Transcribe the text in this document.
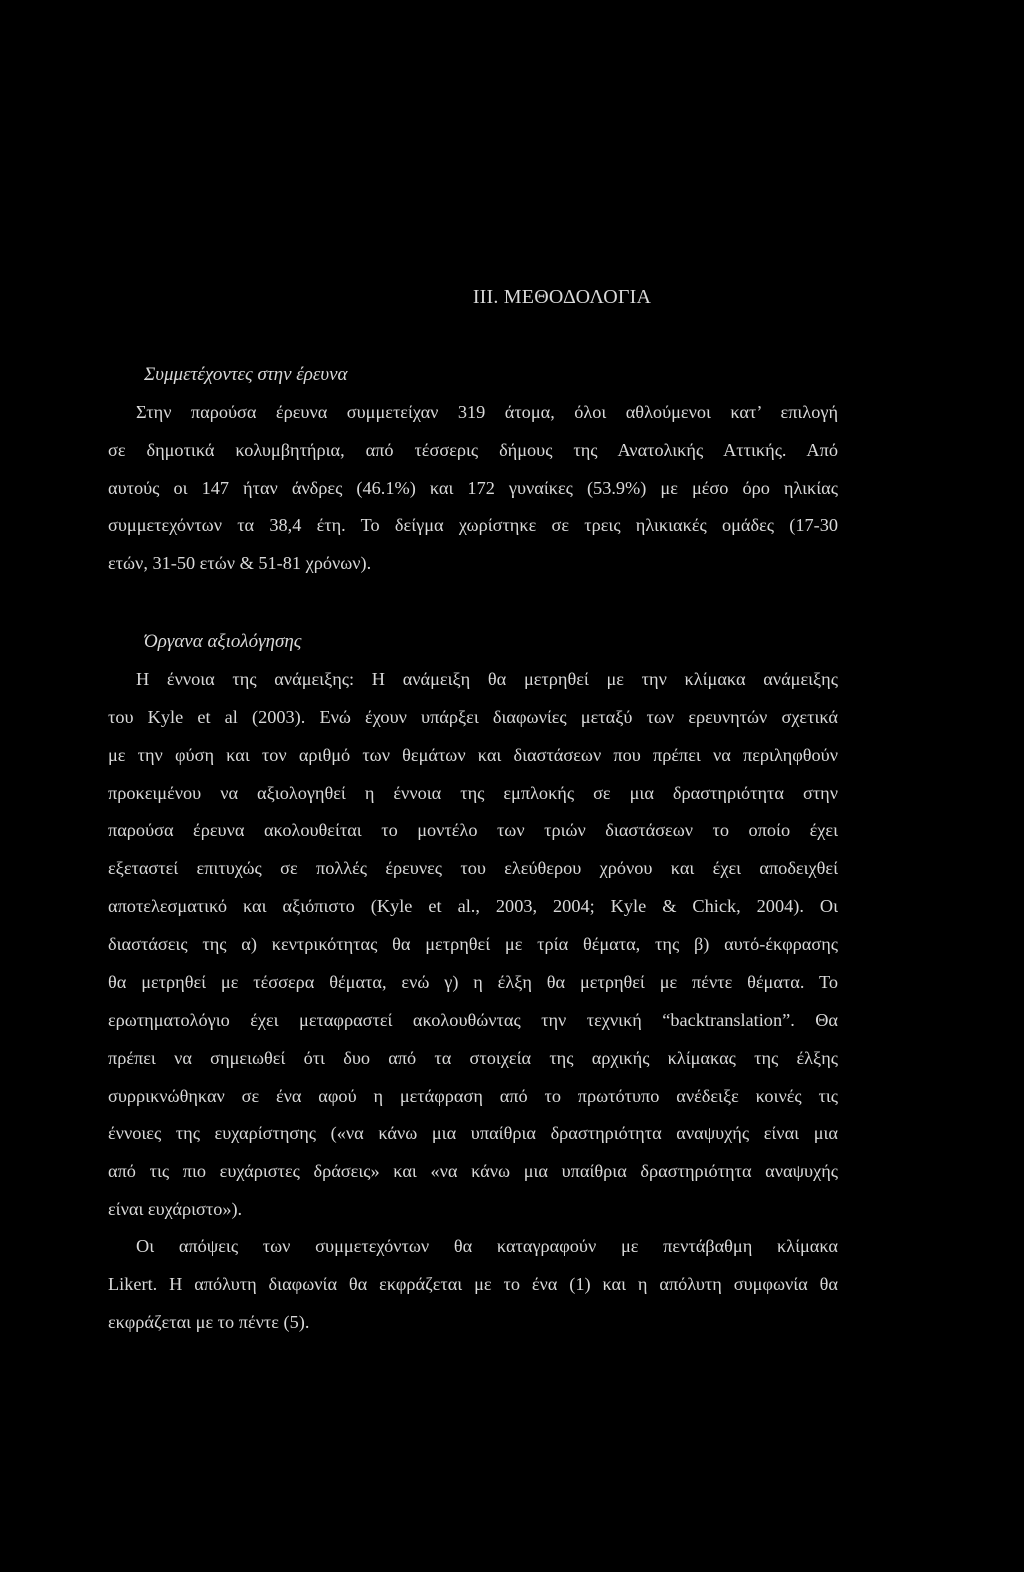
III. ΜΕΘΟΔΟΛΟΓΙΑ
Συμμετέχοντες στην έρευνα
Στην παρούσα έρευνα συμμετείχαν 319 άτομα, όλοι αθλούμενοι κατ’ επιλογή
σε δημοτικά κολυμβητήρια, από τέσσερις δήμους της Ανατολικής Αττικής. Από
αυτούς οι 147 ήταν άνδρες (46.1%) και 172 γυναίκες (53.9%) με μέσο όρο ηλικίας
συμμετεχόντων τα 38,4 έτη. Το δείγμα χωρίστηκε σε τρεις ηλικιακές ομάδες (17-30
ετών, 31-50 ετών & 51-81 χρόνων).
Όργανα αξιολόγησης
Η έννοια της ανάμειξης: Η ανάμειξη θα μετρηθεί με την κλίμακα ανάμειξης
του Kyle et al (2003). Ενώ έχουν υπάρξει διαφωνίες μεταξύ των ερευνητών σχετικά
με την φύση και τον αριθμό των θεμάτων και διαστάσεων που πρέπει να περιληφθούν
προκειμένου να αξιολογηθεί η έννοια της εμπλοκής σε μια δραστηριότητα στην
παρούσα έρευνα ακολουθείται το μοντέλο των τριών διαστάσεων το οποίο έχει
εξεταστεί επιτυχώς σε πολλές έρευνες του ελεύθερου χρόνου και έχει αποδειχθεί
αποτελεσματικό και αξιόπιστο (Kyle et al., 2003, 2004; Kyle & Chick, 2004). Οι
διαστάσεις της α) κεντρικότητας θα μετρηθεί με τρία θέματα, της β) αυτό-έκφρασης
θα μετρηθεί με τέσσερα θέματα, ενώ γ) η έλξη θα μετρηθεί με πέντε θέματα. Το
ερωτηματολόγιο έχει μεταφραστεί ακολουθώντας την τεχνική “backtranslation”. Θα
πρέπει να σημειωθεί ότι δυο από τα στοιχεία της αρχικής κλίμακας της έλξης
συρρικνώθηκαν σε ένα αφού η μετάφραση από το πρωτότυπο ανέδειξε κοινές τις
έννοιες της ευχαρίστησης («να κάνω μια υπαίθρια δραστηριότητα αναψυχής είναι μια
από τις πιο ευχάριστες δράσεις» και «να κάνω μια υπαίθρια δραστηριότητα αναψυχής
είναι ευχάριστο»).
Οι απόψεις των συμμετεχόντων θα καταγραφούν με πεντάβαθμη κλίμακα
Likert. Η απόλυτη διαφωνία θα εκφράζεται με το ένα (1) και η απόλυτη συμφωνία θα
εκφράζεται με το πέντε (5).
